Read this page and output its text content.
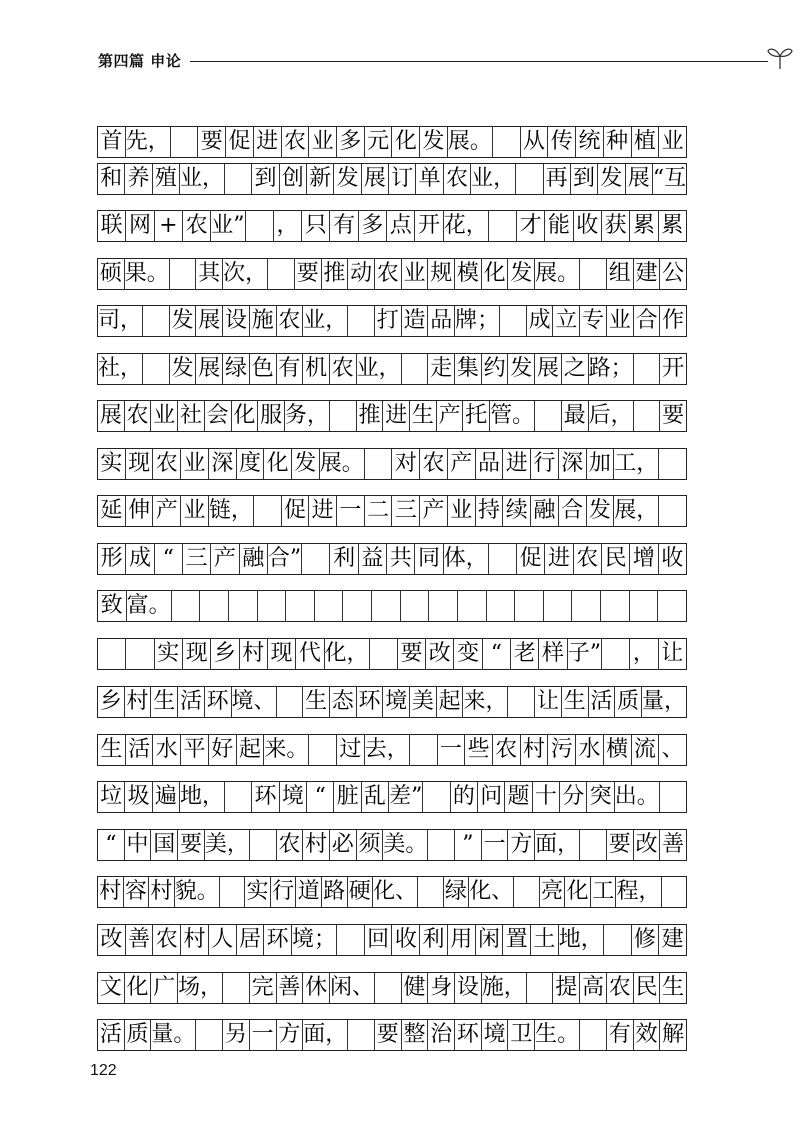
第四篇 申论
首 先， 要 促 进 农 业 多 元 化 发 展。 从 传 统 种 植 业
和 养 殖 业， 到 创 新 发 展 订 单 农 业， 再 到 发 展 “互
联 网 + 农 业” ， 只 有 多 点 开 花， 才 能 收 获 累 累
硕 果。 其 次， 要 推 动 农 业 规 模 化 发 展。 组 建 公
司， 发 展 设 施 农 业， 打 造 品 牌； 成 立 专 业 合 作
社， 发 展 绿 色 有 机 农 业， 走 集 约 发 展 之 路； 开
展 农 业 社 会 化 服 务， 推 进 生 产 托 管。 最 后， 要
实 现 农 业 深 度 化 发 展。 对 农 产 品 进 行 深 加 工，
延 伸 产 业 链， 促 进 一 二 三 产 业 持 续 融 合 发 展，
形 成 “ 三 产 融 合” 利 益 共 同 体， 促 进 农 民 增 收
致 富。
实 现 乡 村 现 代 化， 要 改 变 “ 老 样 子” ， 让
乡 村 生 活 环 境、 生 态 环 境 美 起 来， 让 生 活 质 量，
生 活 水 平 好 起 来。 过 去， 一 些 农 村 污 水 横 流 、
垃 圾 遍 地， 环 境 “ 脏 乱 差” 的 问 题 十 分 突 出。
“ 中 国 要 美， 农 村 必 须 美。	” 一 方 面， 要 改 善
村 容 村 貌。 实 行 道 路 硬 化、 绿 化、 亮 化 工 程，
改 善 农 村 人 居 环 境； 回 收 利 用 闲 置 土 地， 修 建
文 化 广 场， 完 善 休 闲、 健 身 设 施， 提 高 农 民 生
活 质 量。 另 一 方 面， 要 整 治 环 境 卫 生。 有 效 解
122
